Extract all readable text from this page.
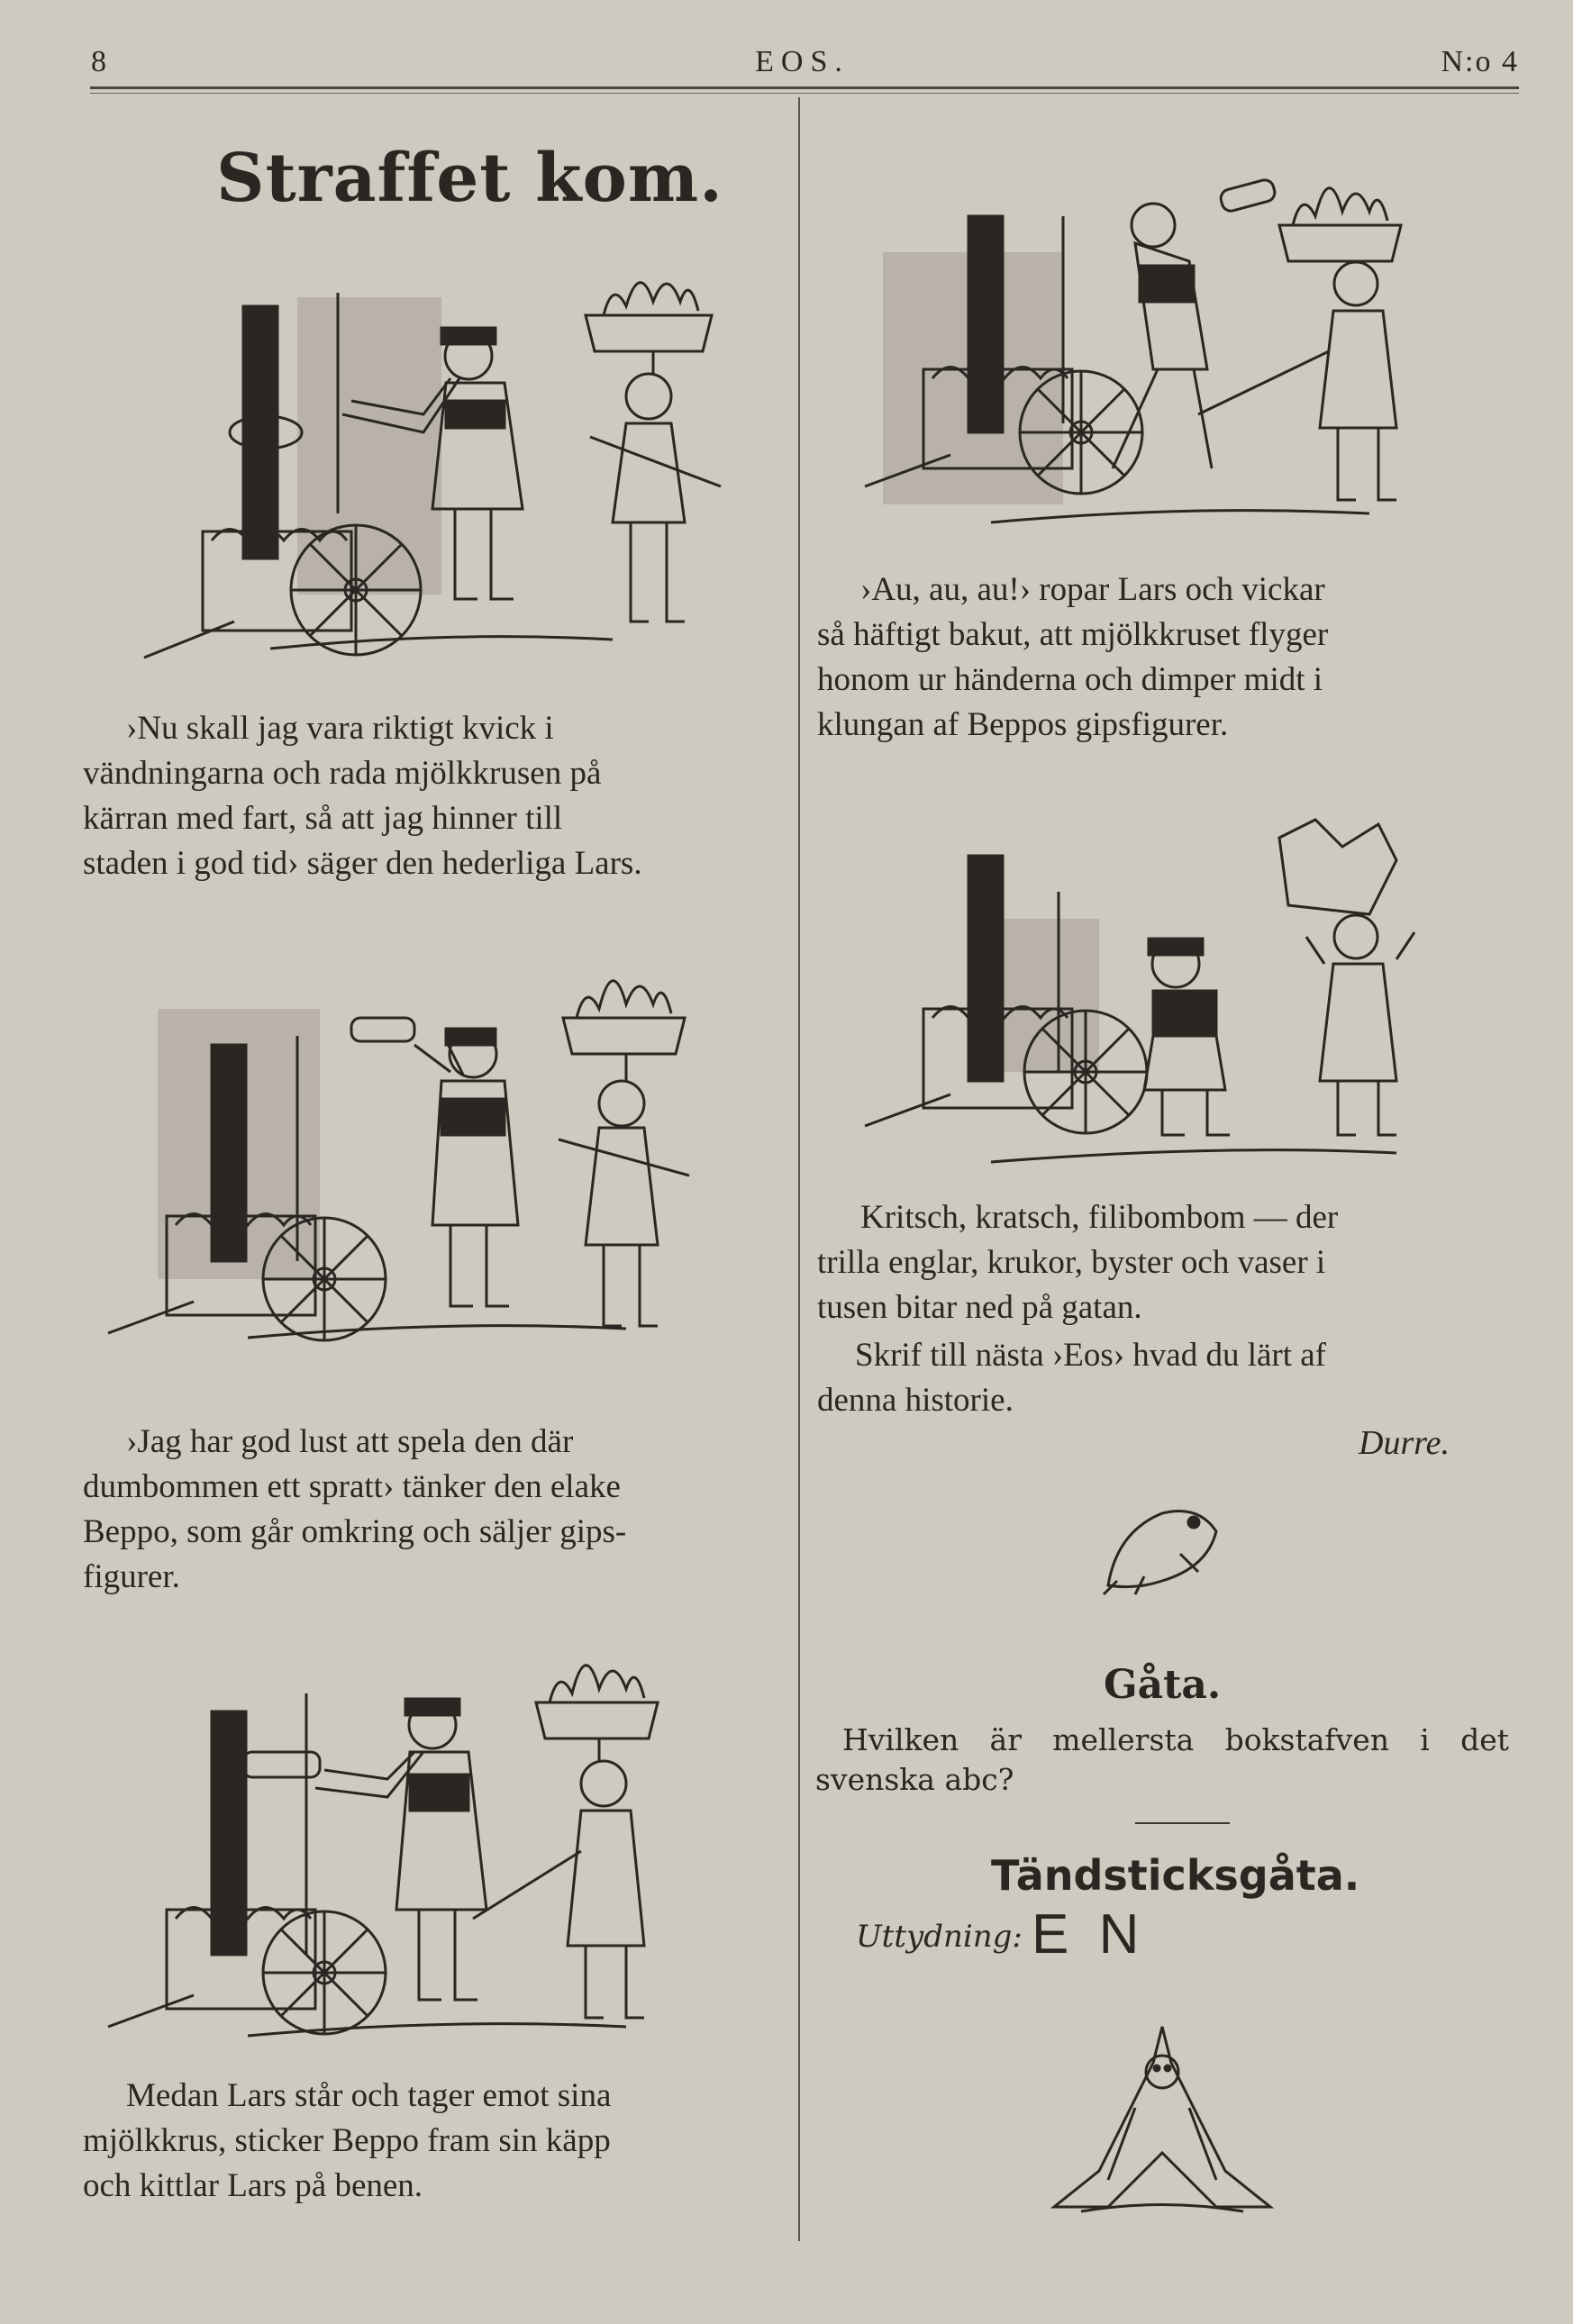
8	EOS.	N:o 4
Straffet kom.
›Nu skall jag vara riktigt kvick i
vändningarna och rada mjölkkrusen på
kärran med fart, så att jag hinner till
staden i god tid› säger den hederliga Lars.
›Jag har god lust att spela den där
dumbommen ett spratt› tänker den elake
Beppo, som går omkring och säljer gips-
figurer.
Medan Lars står och tager emot sina
mjölkkrus, sticker Beppo fram sin käpp
och kittlar Lars på benen.
›Au, au, au!› ropar Lars och vickar
så häftigt bakut, att mjölkkruset flyger
honom ur händerna och dimper midt i
klungan af Beppos gipsfigurer.
Kritsch, kratsch, filibombom — der
trilla englar, krukor, byster och vaser i
tusen bitar ned på gatan.
Skrif till nästa ›Eos› hvad du lärt af
denna historie.
Durre.
Gåta.
Hvilken är mellersta bokstafven i det svenska abc?
Tändsticksgåta.
Uttydning: E N
